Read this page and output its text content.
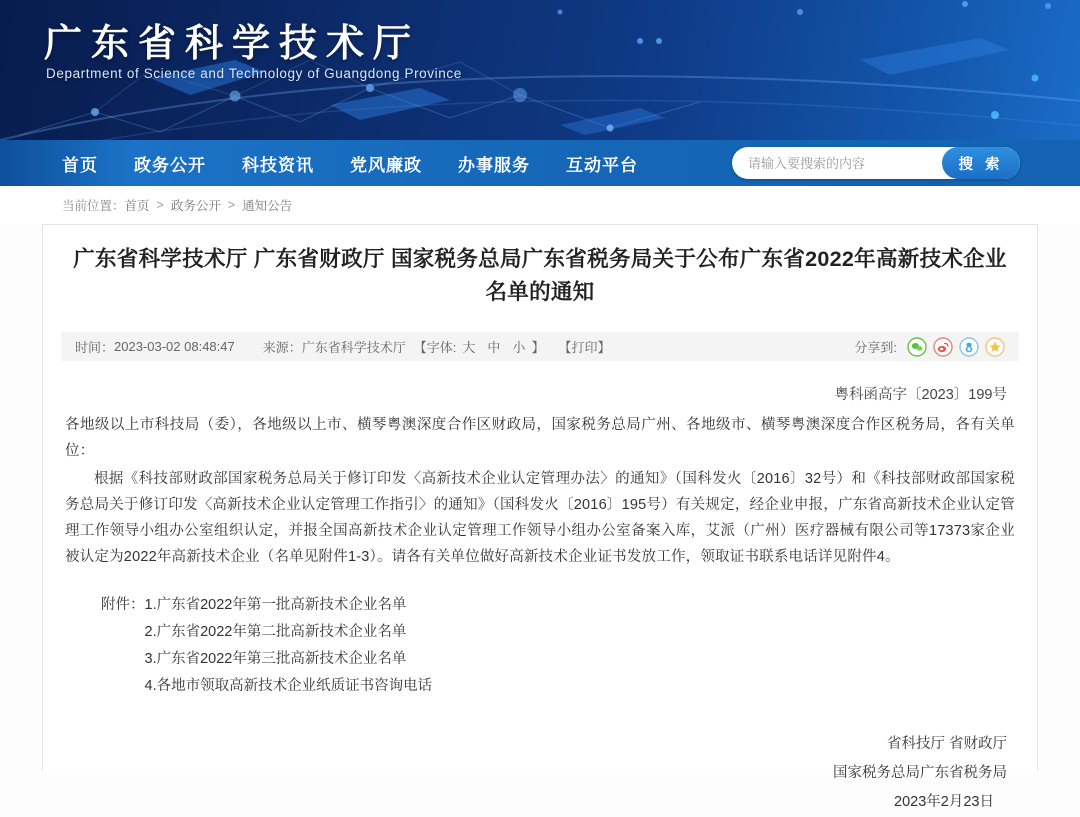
广东省科学技术厅
Department of Science and Technology of Guangdong Province
首页 政务公开 科技资讯 党风廉政 办事服务 互动平台
请输入要搜索的内容	搜 索
当前位置： 首页 > 政务公开 > 通知公告
广东省科学技术厅 广东省财政厅 国家税务总局广东省税务局关于公布广东省2022年高新技术企业名单的通知
时间： 2023-03-02 08:48:47 来源： 广东省科学技术厅 【字体: 大 中 小 】 【打印】	分享到:
粤科函高字〔2023〕199号
各地级以上市科技局（委），各地级以上市、横琴粤澳深度合作区财政局，国家税务总局广州、各地级市、横琴粤澳深度合作区税务局，各有关单位：
根据《科技部财政部国家税务总局关于修订印发〈高新技术企业认定管理办法〉的通知》（国科发火〔2016〕32号）和《科技部财政部国家税务总局关于修订印发〈高新技术企业认定管理工作指引〉的通知》（国科发火〔2016〕195号）有关规定，经企业申报，广东省高新技术企业认定管理工作领导小组办公室组织认定，并报全国高新技术企业认定管理工作领导小组办公室备案入库，艾派（广州）医疗器械有限公司等17373家企业被认定为2022年高新技术企业（名单见附件1-3）。请各有关单位做好高新技术企业证书发放工作，领取证书联系电话详见附件4。
附件： 1.广东省2022年第一批高新技术企业名单
2.广东省2022年第二批高新技术企业名单
3.广东省2022年第三批高新技术企业名单
4.各地市领取高新技术企业纸质证书咨询电话
省科技厅 省财政厅
国家税务总局广东省税务局
2023年2月23日
